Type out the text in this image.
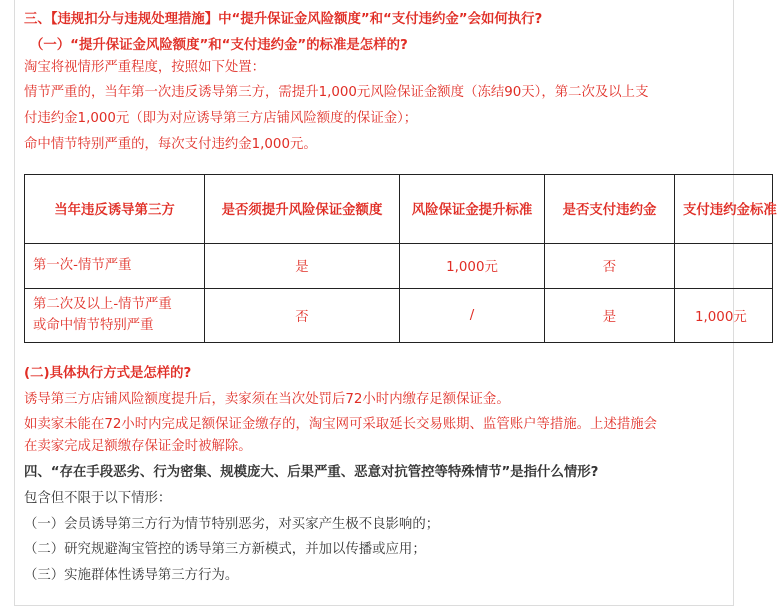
三、【违规扣分与违规处理措施】中“提升保证金风险额度”和“支付违约金”会如何执行?
（一）“提升保证金风险额度”和“支付违约金”的标准是怎样的?
淘宝将视情形严重程度，按照如下处置：
情节严重的，当年第一次违反诱导第三方，需提升1,000元风险保证金额度（冻结90天），第二次及以上支
付违约金1,000元（即为对应诱导第三方店铺风险额度的保证金）；
命中情节特别严重的，每次支付违约金1,000元。
当年违反诱导第三方	是否须提升风险保证金额度	风险保证金提升标准	是否支付违约金	支付违约金标准
第一次-情节严重	是	1,000元	否	
第二次及以上-情节严重或命中情节特别严重	否	/	是	1,000元
(二)具体执行方式是怎样的?
诱导第三方店铺风险额度提升后，卖家须在当次处罚后72小时内缴存足额保证金。
如卖家未能在72小时内完成足额保证金缴存的，淘宝网可采取延长交易账期、监管账户等措施。上述措施会
在卖家完成足额缴存保证金时被解除。
四、“存在手段恶劣、行为密集、规模庞大、后果严重、恶意对抗管控等特殊情节”是指什么情形?
包含但不限于以下情形：
（一）会员诱导第三方行为情节特别恶劣，对买家产生极不良影响的；
（二）研究规避淘宝管控的诱导第三方新模式，并加以传播或应用；
（三）实施群体性诱导第三方行为。
